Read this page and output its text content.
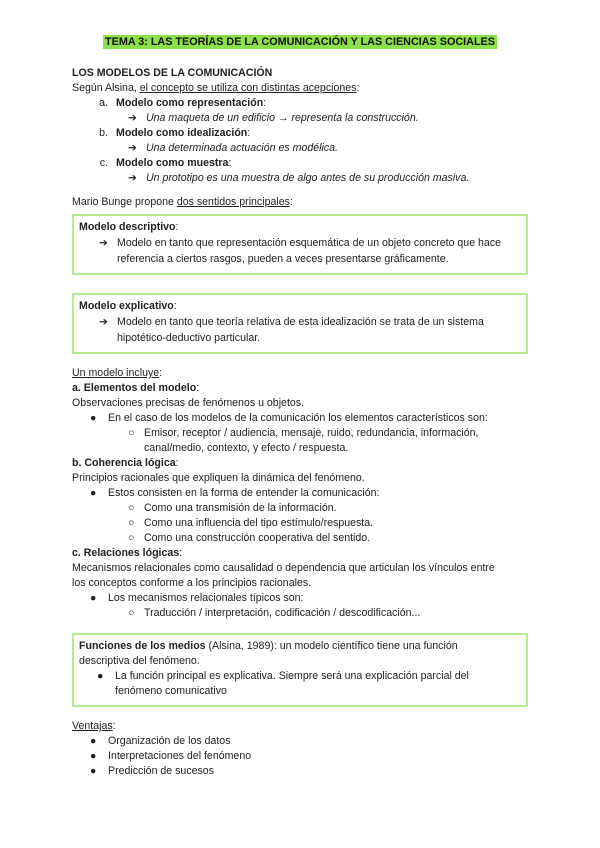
TEMA 3: LAS TEORÍAS DE LA COMUNICACIÓN Y LAS CIENCIAS SOCIALES

LOS MODELOS DE LA COMUNICACIÓN

Según Alsina, el concepto se utiliza con distintas acepciones:

a. Modelo como representación:
➔ Una maqueta de un edificio → representa la construcción.
b. Modelo como idealización:
➔ Una determinada actuación es modélica.
c. Modelo como muestra:
➔ Un prototipo es una muestra de algo antes de su producción masiva.

Mario Bunge propone dos sentidos principales:

Modelo descriptivo:

➔ Modelo en tanto que representación esquemática de un objeto concreto que hace
referencia a ciertos rasgos, pueden a veces presentarse gráficamente.

Modelo explicativo:

➔ Modelo en tanto que teoría relativa de esta idealización se trata de un sistema
hipotético-deductivo particular.

Un modelo incluye:

a. Elementos del modelo:

Observaciones precisas de fenómenos u objetos.

●	En el caso de los modelos de la comunicación los elementos característicos son:
○ Emisor, receptor / audiencia, mensaje, ruido, redundancia, información,
canal/medio, contexto, y efecto / respuesta.

b. Coherencia lógica:

Principios racionales que expliquen la dinámica del fenómeno.

●	Estos consisten en la forma de entender la comunicación:
○ Como una transmisión de la información.
○ Como una influencia del tipo estímulo/respuesta.
○ Como una construcción cooperativa del sentido.

c. Relaciones lógicas:

Mecanismos relacionales como causalidad o dependencia que articulan los vínculos entre

los conceptos conforme a los principios racionales.

●	Los mecanismos relacionales típicos son:
○ Traducción / interpretación, codificación / descodificación...

Funciones de los medios (Alsina, 1989): un modelo científico tiene una función

descriptiva del fenómeno.

●	La función principal es explicativa. Siempre será una explicación parcial del
fenómeno comunicativo

Ventajas:

●	Organización de los datos
●	Interpretaciones del fenómeno
●	Predicción de sucesos
